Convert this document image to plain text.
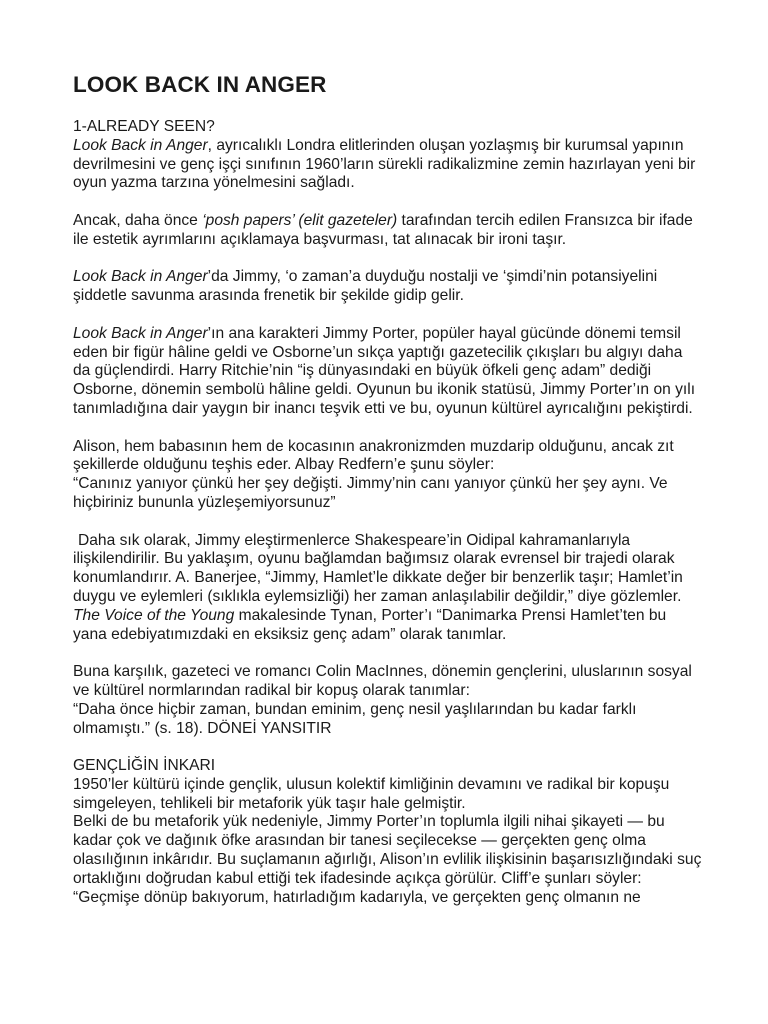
LOOK BACK IN ANGER

1-ALREADY SEEN?
Look Back in Anger, ayrıcalıklı Londra elitlerinden oluşan yozlaşmış bir kurumsal yapının devrilmesini ve genç işçi sınıfının 1960’ların sürekli radikalizmine zemin hazırlayan yeni bir oyun yazma tarzına yönelmesini sağladı.

Ancak, daha önce ‘posh papers’ (elit gazeteler) tarafından tercih edilen Fransızca bir ifade ile estetik ayrımlarını açıklamaya başvurması, tat alınacak bir ironi taşır.

Look Back in Anger’da Jimmy, ‘o zaman’a duyduğu nostalji ve ‘şimdi’nin potansiyelini şiddetle savunma arasında frenetik bir şekilde gidip gelir.

Look Back in Anger’ın ana karakteri Jimmy Porter, popüler hayal gücünde dönemi temsil eden bir figür hâline geldi ve Osborne’un sıkça yaptığı gazetecilik çıkışları bu algıyı daha da güçlendirdi. Harry Ritchie’nin “iş dünyasındaki en büyük öfkeli genç adam” dediği Osborne, dönemin sembolü hâline geldi. Oyunun bu ikonik statüsü, Jimmy Porter’ın on yılı tanımladığına dair yaygın bir inancı teşvik etti ve bu, oyunun kültürel ayrıcalığını pekiştirdi.

Alison, hem babasının hem de kocasının anakronizmden muzdarip olduğunu, ancak zıt şekillerde olduğunu teşhis eder. Albay Redfern’e şunu söyler:
“Canınız yanıyor çünkü her şey değişti. Jimmy’nin canı yanıyor çünkü her şey aynı. Ve hiçbiriniz bununla yüzleşemiyorsunuz”

Daha sık olarak, Jimmy eleştirmenlerce Shakespeare’in Oidipal kahramanlarıyla ilişkilendirilir. Bu yaklaşım, oyunu bağlamdan bağımsız olarak evrensel bir trajedi olarak konumlandırır. A. Banerjee, “Jimmy, Hamlet’le dikkate değer bir benzerlik taşır; Hamlet’in duygu ve eylemleri (sıklıkla eylemsizliği) her zaman anlaşılabilir değildir,” diye gözlemler. The Voice of the Young makalesinde Tynan, Porter’ı “Danimarka Prensi Hamlet’ten bu yana edebiyatımızdaki en eksiksiz genç adam” olarak tanımlar.

Buna karşılık, gazeteci ve romancı Colin MacInnes, dönemin gençlerini, uluslarının sosyal ve kültürel normlarından radikal bir kopuş olarak tanımlar:
“Daha önce hiçbir zaman, bundan eminim, genç nesil yaşlılarından bu kadar farklı olmamıştı.” (s. 18). DÖNEİ YANSITIR

GENÇLİĞİN İNKARI
1950’ler kültürü içinde gençlik, ulusun kolektif kimliğinin devamını ve radikal bir kopuşu simgeleyen, tehlikeli bir metaforik yük taşır hale gelmiştir.
Belki de bu metaforik yük nedeniyle, Jimmy Porter’ın toplumla ilgili nihai şikayeti — bu kadar çok ve dağınık öfke arasından bir tanesi seçilecekse — gerçekten genç olma olasılığının inkârıdır. Bu suçlamanın ağırlığı, Alison’ın evlilik ilişkisinin başarısızlığındaki suç ortaklığını doğrudan kabul ettiği tek ifadesinde açıkça görülür. Cliff’e şunları söyler:
“Geçmişe dönüp bakıyorum, hatırladığım kadarıyla, ve gerçekten genç olmanın ne
